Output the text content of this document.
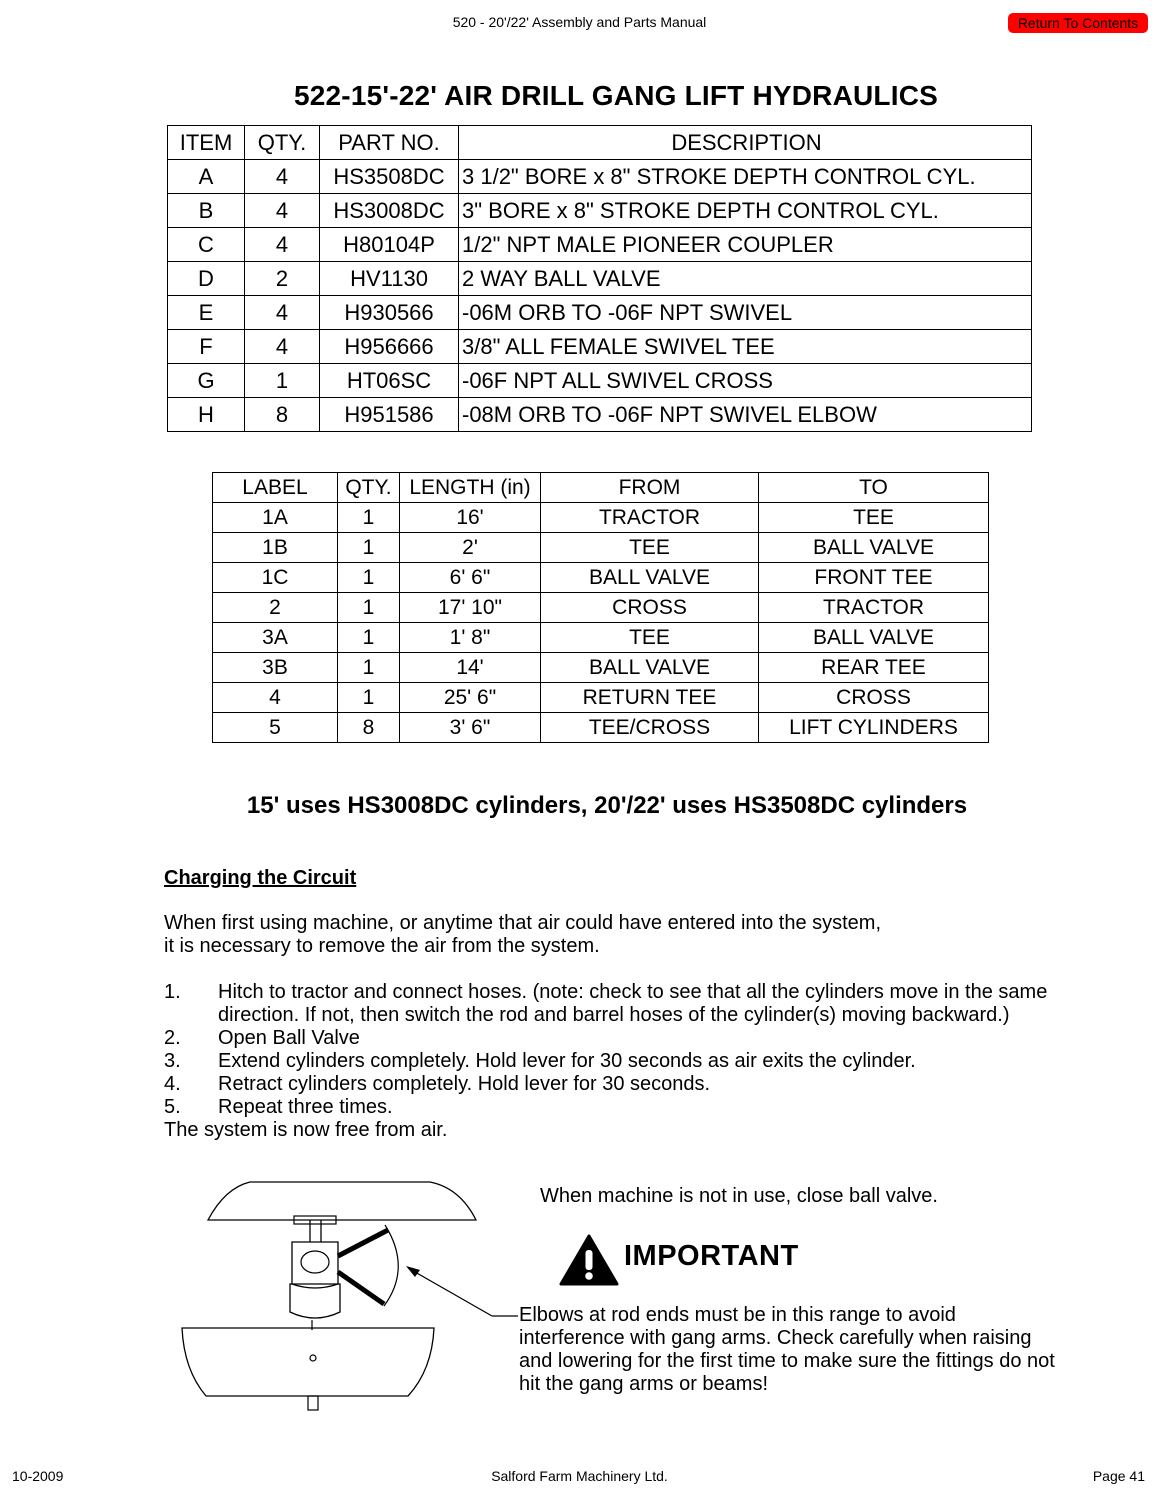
520 - 20'/22' Assembly and Parts Manual	Return To Contents
522-15'-22' AIR DRILL GANG LIFT HYDRAULICS
ITEM	QTY.	PART NO.	DESCRIPTION
A	4	HS3508DC	3 1/2" BORE x 8" STROKE DEPTH CONTROL CYL.
B	4	HS3008DC	3" BORE x 8" STROKE DEPTH CONTROL CYL.
C	4	H80104P	1/2" NPT MALE PIONEER COUPLER
D	2	HV1130	2 WAY BALL VALVE
E	4	H930566	-06M ORB TO -06F NPT SWIVEL
F	4	H956666	3/8" ALL FEMALE SWIVEL TEE
G	1	HT06SC	-06F NPT ALL SWIVEL CROSS
H	8	H951586	-08M ORB TO -06F NPT SWIVEL ELBOW
LABEL	QTY.	LENGTH (in)	FROM	TO
1A	1	16'	TRACTOR	TEE
1B	1	2'	TEE	BALL VALVE
1C	1	6' 6"	BALL VALVE	FRONT TEE
2	1	17' 10"	CROSS	TRACTOR
3A	1	1' 8"	TEE	BALL VALVE
3B	1	14'	BALL VALVE	REAR TEE
4	1	25' 6"	RETURN TEE	CROSS
5	8	3' 6"	TEE/CROSS	LIFT CYLINDERS
15' uses HS3008DC cylinders, 20'/22' uses HS3508DC cylinders
Charging the Circuit
When first using machine, or anytime that air could have entered into the system,
it is necessary to remove the air from the system.
1.	Hitch to tractor and connect hoses. (note: check to see that all the cylinders move in the same direction. If not, then switch the rod and barrel hoses of the cylinder(s) moving backward.)
2.	Open Ball Valve
3.	Extend cylinders completely. Hold lever for 30 seconds as air exits the cylinder.
4.	Retract cylinders completely. Hold lever for 30 seconds.
5.	Repeat three times.
The system is now free from air.
When machine is not in use, close ball valve.
IMPORTANT
Elbows at rod ends must be in this range to avoid interference with gang arms. Check carefully when raising and lowering for the first time to make sure the fittings do not hit the gang arms or beams!
10-2009	Salford Farm Machinery Ltd.	Page 41
